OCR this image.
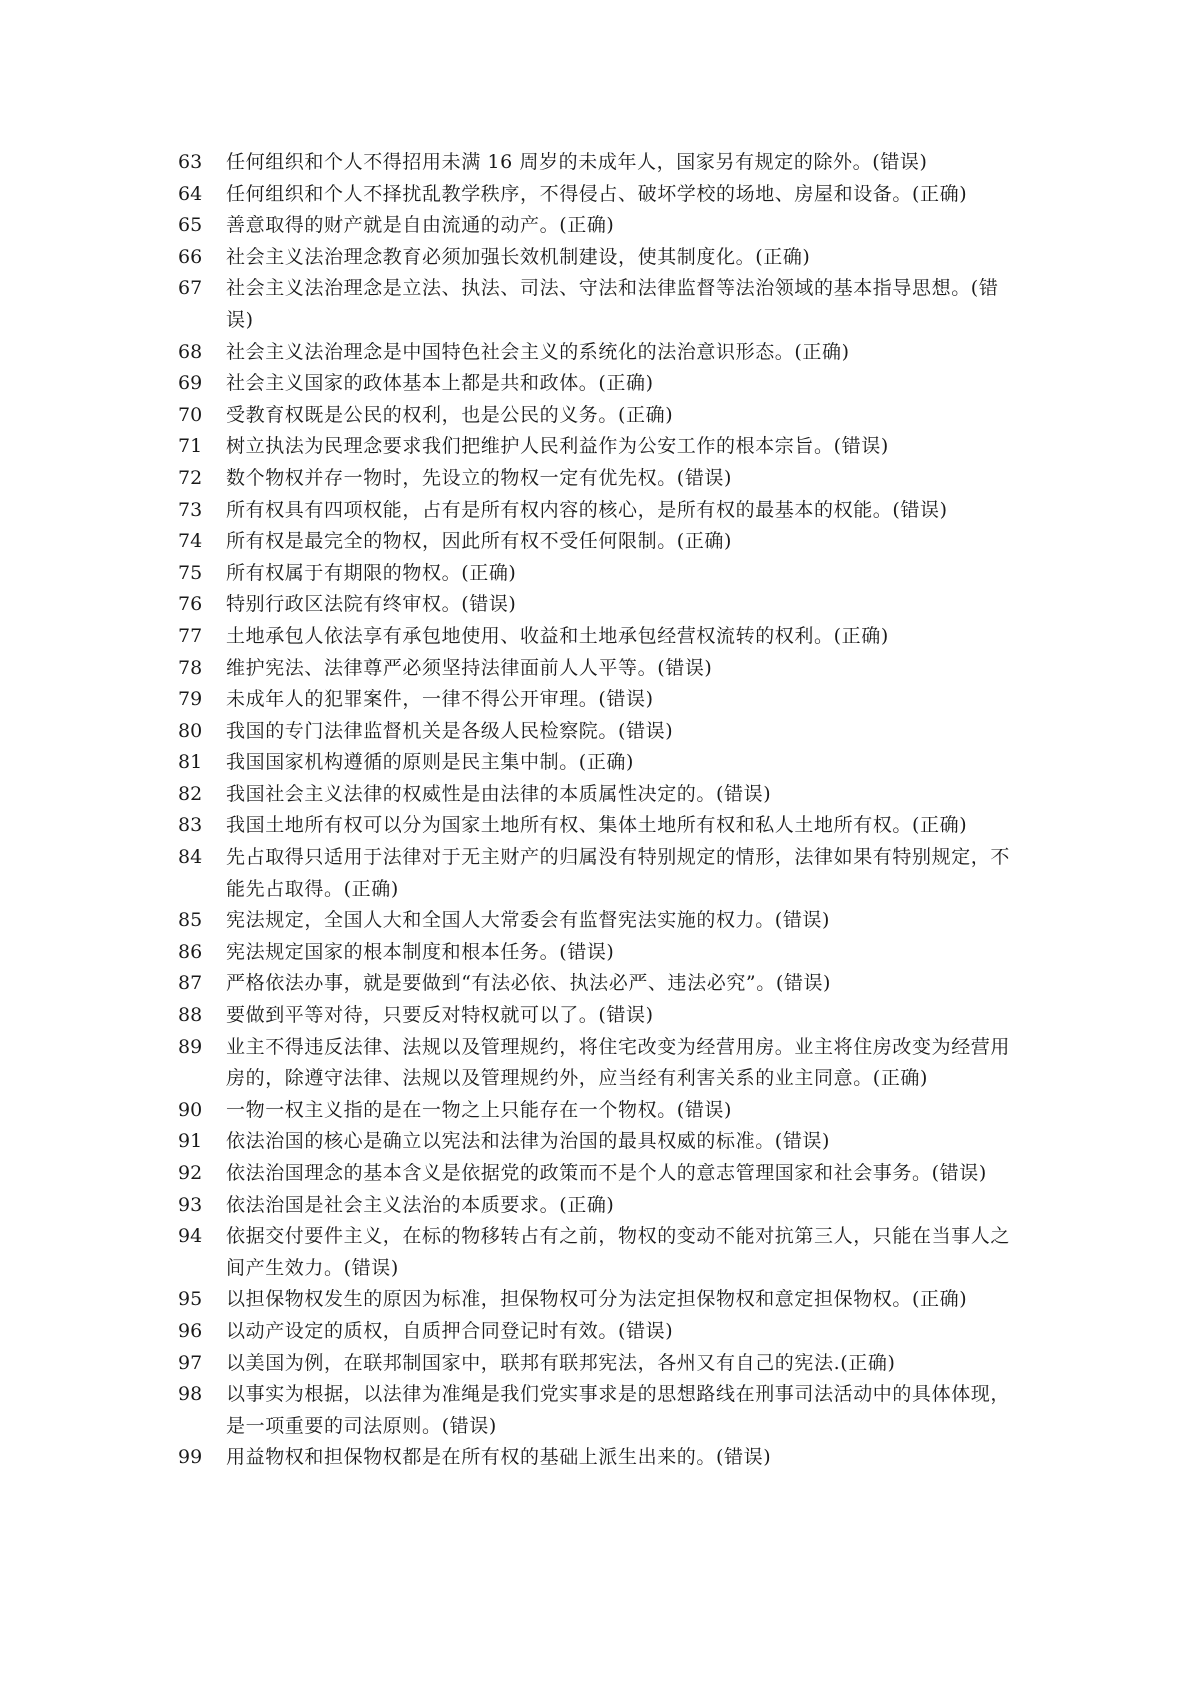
63	任何组织和个人不得招用未满 16 周岁的未成年人，国家另有规定的除外。(错误)
64	任何组织和个人不择扰乱教学秩序，不得侵占、破坏学校的场地、房屋和设备。(正确)
65	善意取得的财产就是自由流通的动产。(正确)
66	社会主义法治理念教育必须加强长效机制建设，使其制度化。(正确)
67	社会主义法治理念是立法、执法、司法、守法和法律监督等法治领域的基本指导思想。(错误)
68	社会主义法治理念是中国特色社会主义的系统化的法治意识形态。(正确)
69	社会主义国家的政体基本上都是共和政体。(正确)
70	受教育权既是公民的权利，也是公民的义务。(正确)
71	树立执法为民理念要求我们把维护人民利益作为公安工作的根本宗旨。(错误)
72	数个物权并存一物时，先设立的物权一定有优先权。(错误)
73	所有权具有四项权能，占有是所有权内容的核心，是所有权的最基本的权能。(错误)
74	所有权是最完全的物权，因此所有权不受任何限制。(正确)
75	所有权属于有期限的物权。(正确)
76	特别行政区法院有终审权。(错误)
77	土地承包人依法享有承包地使用、收益和土地承包经营权流转的权利。(正确)
78	维护宪法、法律尊严必须坚持法律面前人人平等。(错误)
79	未成年人的犯罪案件，一律不得公开审理。(错误)
80	我国的专门法律监督机关是各级人民检察院。(错误)
81	我国国家机构遵循的原则是民主集中制。(正确)
82	我国社会主义法律的权威性是由法律的本质属性决定的。(错误)
83	我国土地所有权可以分为国家土地所有权、集体土地所有权和私人土地所有权。(正确)
84	先占取得只适用于法律对于无主财产的归属没有特别规定的情形，法律如果有特别规定，不能先占取得。(正确)
85	宪法规定，全国人大和全国人大常委会有监督宪法实施的权力。(错误)
86	宪法规定国家的根本制度和根本任务。(错误)
87	严格依法办事，就是要做到“有法必依、执法必严、违法必究”。(错误)
88	要做到平等对待，只要反对特权就可以了。(错误)
89	业主不得违反法律、法规以及管理规约，将住宅改变为经营用房。业主将住房改变为经营用房的，除遵守法律、法规以及管理规约外，应当经有利害关系的业主同意。(正确)
90	一物一权主义指的是在一物之上只能存在一个物权。(错误)
91	依法治国的核心是确立以宪法和法律为治国的最具权威的标准。(错误)
92	依法治国理念的基本含义是依据党的政策而不是个人的意志管理国家和社会事务。(错误)
93	依法治国是社会主义法治的本质要求。(正确)
94	依据交付要件主义，在标的物移转占有之前，物权的变动不能对抗第三人，只能在当事人之间产生效力。(错误)
95	以担保物权发生的原因为标准，担保物权可分为法定担保物权和意定担保物权。(正确)
96	以动产设定的质权，自质押合同登记时有效。(错误)
97	以美国为例，在联邦制国家中，联邦有联邦宪法，各州又有自己的宪法.(正确)
98	以事实为根据，以法律为准绳是我们党实事求是的思想路线在刑事司法活动中的具体体现，是一项重要的司法原则。(错误)
99	用益物权和担保物权都是在所有权的基础上派生出来的。(错误)
